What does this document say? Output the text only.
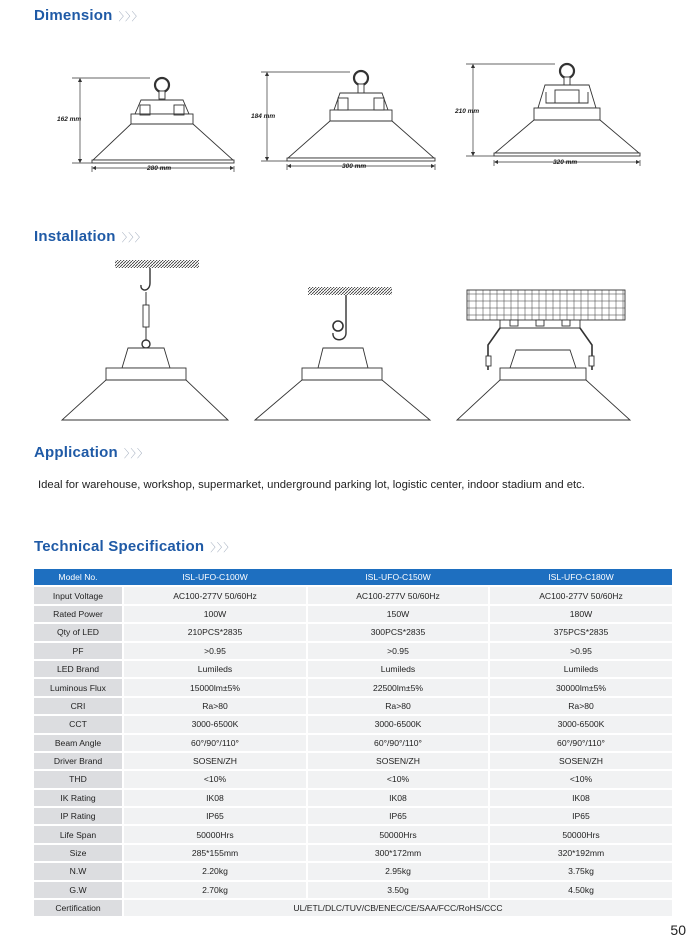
Dimension 〉〉〉
Installation 〉〉〉
Application 〉〉〉
Technical Specification 〉〉〉
162 mm
280 mm
184 mm
300 mm
210 mm
320 mm
Ideal for warehouse, workshop, supermarket, underground parking lot, logistic center, indoor stadium and etc.
Model No.		ISL-UFO-C100W		ISL-UFO-C150W		ISL-UFO-C180W
Input Voltage		AC100-277V 50/60Hz		AC100-277V 50/60Hz		AC100-277V 50/60Hz
Rated Power		100W		150W		180W
Qty of LED		210PCS*2835		300PCS*2835		375PCS*2835
PF		>0.95		>0.95		>0.95
LED Brand		Lumileds		Lumileds		Lumileds
Luminous Flux		15000lm±5%		22500lm±5%		30000lm±5%
CRI		Ra>80		Ra>80		Ra>80
CCT		3000-6500K		3000-6500K		3000-6500K
Beam Angle		60°/90°/110°		60°/90°/110°		60°/90°/110°
Driver Brand		SOSEN/ZH		SOSEN/ZH		SOSEN/ZH
THD		<10%		<10%		<10%
IK Rating		IK08		IK08		IK08
IP Rating		IP65		IP65		IP65
Life Span		50000Hrs		50000Hrs		50000Hrs
Size		285*155mm		300*172mm		320*192mm
N.W		2.20kg		2.95kg		3.75kg
G.W		2.70kg		3.50g		4.50kg
Certification		UL/ETL/DLC/TUV/CB/ENEC/CE/SAA/FCC/RoHS/CCC				
50
